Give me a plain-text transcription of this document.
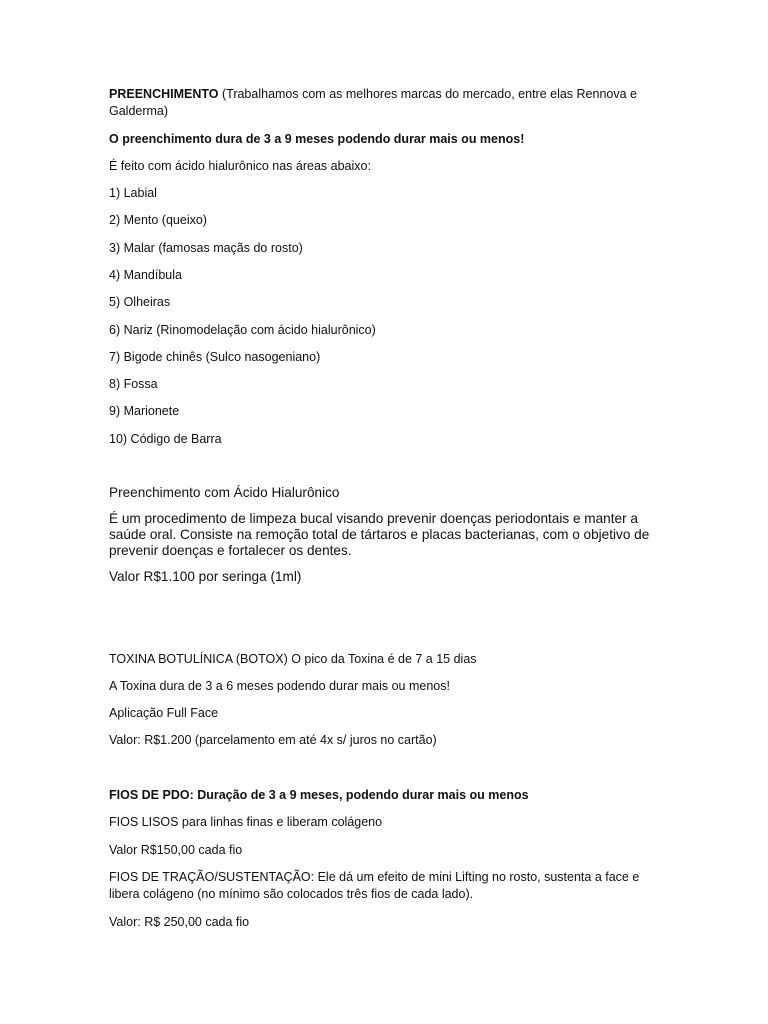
PREENCHIMENTO (Trabalhamos com as melhores marcas do mercado, entre elas Rennova e Galderma)

O preenchimento dura de 3 a 9 meses podendo durar mais ou menos!

É feito com ácido hialurônico nas áreas abaixo:

1) Labial

2) Mento (queixo)

3) Malar (famosas maçãs do rosto)

4) Mandíbula

5) Olheiras

6) Nariz (Rinomodelação com ácido hialurônico)

7) Bigode chinês (Sulco nasogeniano)

8) Fossa

9) Marionete

10) Código de Barra

Preenchimento com Ácido Hialurônico

É um procedimento de limpeza bucal visando prevenir doenças periodontais e manter a saúde oral. Consiste na remoção total de tártaros e placas bacterianas, com o objetivo de prevenir doenças e fortalecer os dentes.

Valor R$1.100 por seringa (1ml)

TOXINA BOTULÍNICA (BOTOX) O pico da Toxina é de 7 a 15 dias

A Toxina dura de 3 a 6 meses podendo durar mais ou menos!

Aplicação Full Face

Valor: R$1.200 (parcelamento em até 4x s/ juros no cartão)

FIOS DE PDO: Duração de 3 a 9 meses, podendo durar mais ou menos

FIOS LISOS para linhas finas e liberam colágeno

Valor R$150,00 cada fio

FIOS DE TRAÇÃO/SUSTENTAÇÃO: Ele dá um efeito de mini Lifting no rosto, sustenta a face e libera colágeno (no mínimo são colocados três fios de cada lado).

Valor: R$ 250,00 cada fio
